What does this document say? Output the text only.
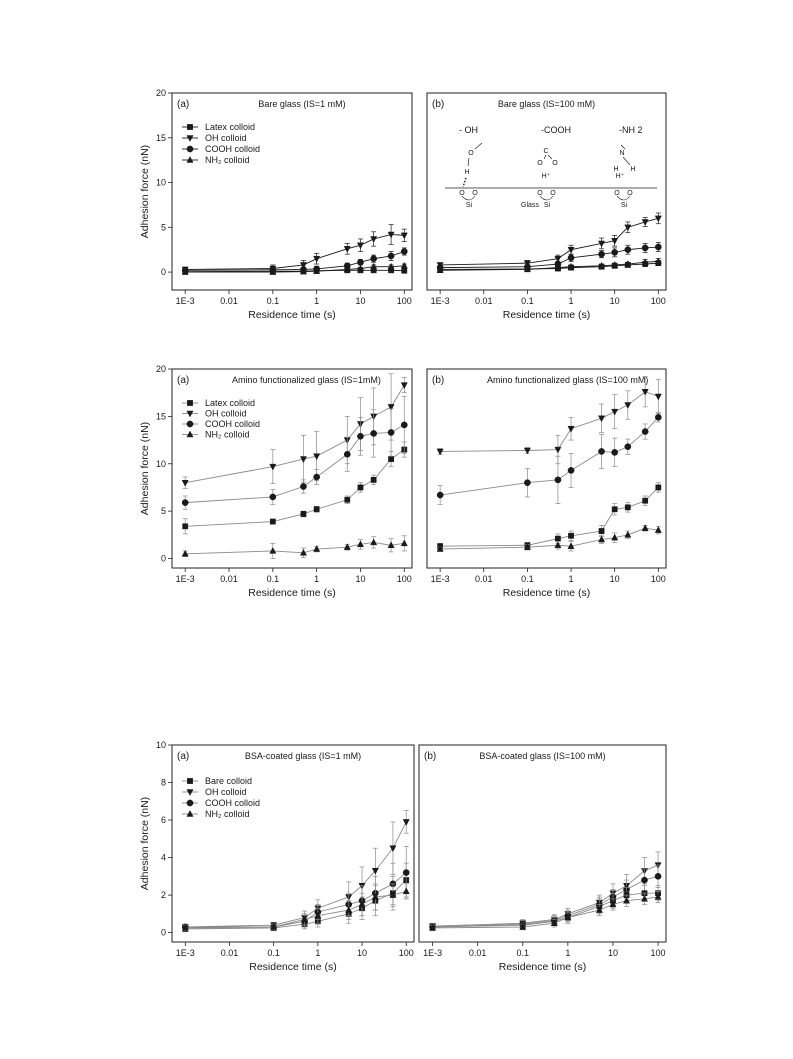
1E-3	0.01	0.1	1	10	100
0
5
10
15
20
Residence time (s)
Adhesion force (nN)
(a)	Bare glass (IS=1 mM)
Latex colloid
OH colloid
COOH colloid
NH₂ colloid
1E-3	0.01	0.1	1	10	100
Residence time (s)
(b)	Bare glass (IS=100 mM)
- OH	-COOH	-NH 2
Glass
O
H
O O
Si
C
O O
H⁺
O O
Si
N
H H
H⁺
O O
Si
1E-3	0.01	0.1	1	10	100
0
5
10
15
20
Residence time (s)
Adhesion force (nN)
(a)	Amino functionalized glass (IS=1mM)
Latex colloid
OH colloid
COOH colloid
NH₂ colloid
1E-3	0.01	0.1	1	10	100
Residence time (s)
(b)	Amino functionalized glass (IS=100 mM)
1E-3	0.01	0.1	1	10	100
0
2
4
6
8
10
Residence time (s)
Adhesion force (nN)
(a)	BSA-coated glass (IS=1 mM)
Bare colloid
OH colloid
COOH colloid
NH₂ colloid
1E-3	0.01	0.1	1	10	100
Residence time (s)
(b)	BSA-coated glass (IS=100 mM)
